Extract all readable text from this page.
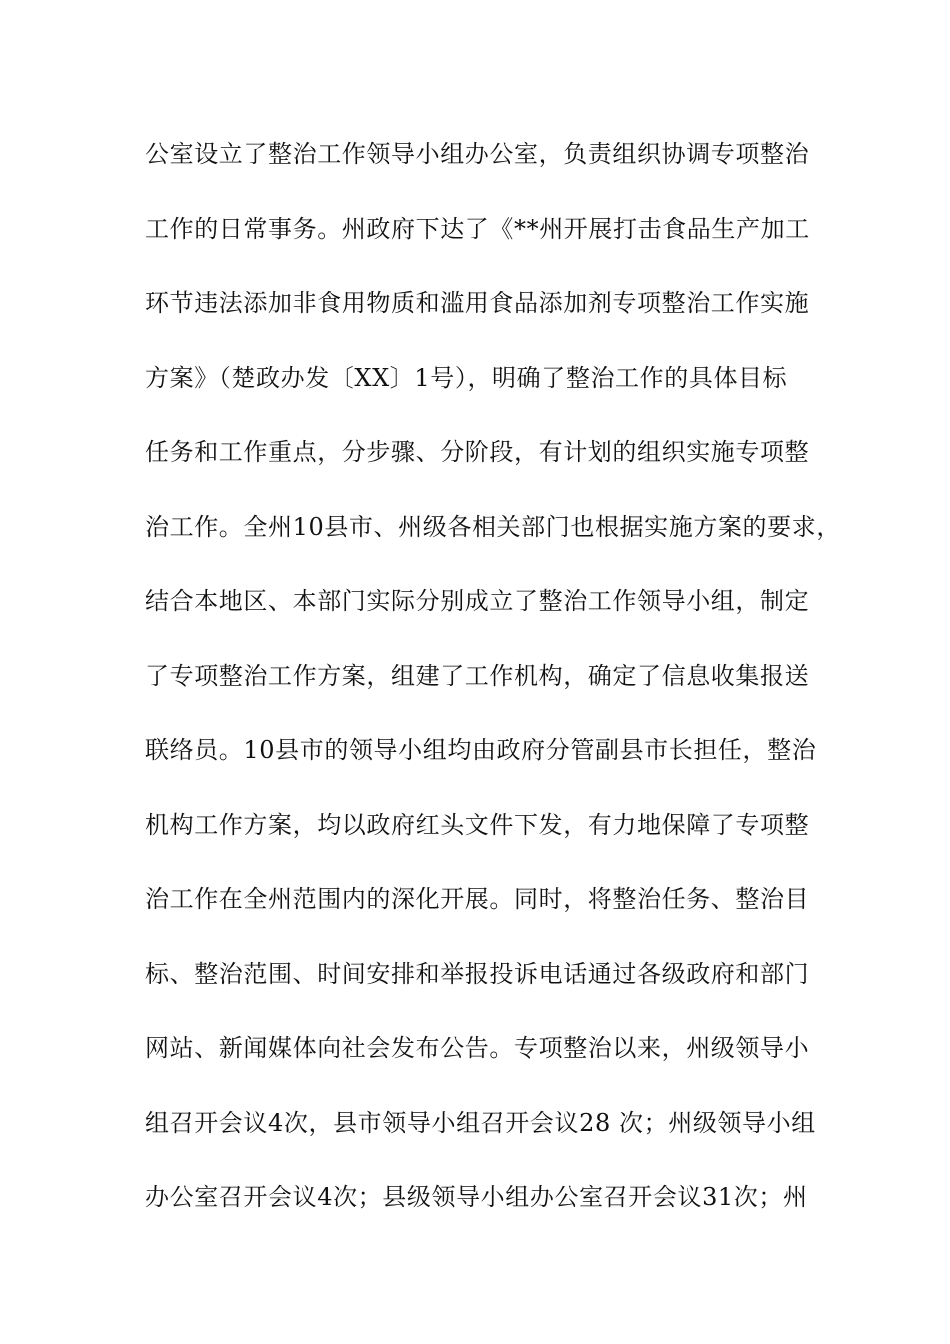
公室设立了整治工作领导小组办公室，负责组织协调专项整治
工作的日常事务。州政府下达了《**州开展打击食品生产加工
环节违法添加非食用物质和滥用食品添加剂专项整治工作实施
方案》（楚政办发〔XX〕1号），明确了整治工作的具体目标
任务和工作重点，分步骤、分阶段，有计划的组织实施专项整
治工作。全州10县市、州级各相关部门也根据实施方案的要求，
结合本地区、本部门实际分别成立了整治工作领导小组，制定
了专项整治工作方案，组建了工作机构，确定了信息收集报送
联络员。10县市的领导小组均由政府分管副县市长担任，整治
机构工作方案，均以政府红头文件下发，有力地保障了专项整
治工作在全州范围内的深化开展。同时，将整治任务、整治目
标、整治范围、时间安排和举报投诉电话通过各级政府和部门
网站、新闻媒体向社会发布公告。专项整治以来，州级领导小
组召开会议4次，县市领导小组召开会议28 次；州级领导小组
办公室召开会议4次；县级领导小组办公室召开会议31次；州
